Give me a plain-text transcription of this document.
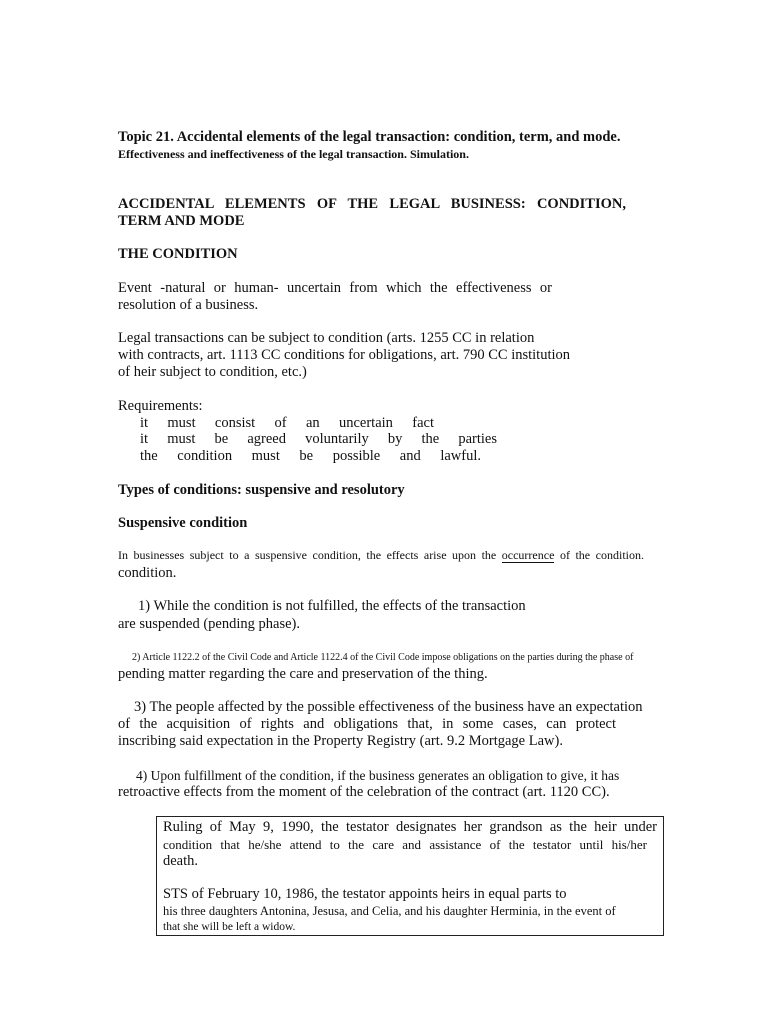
Topic 21. Accidental elements of the legal transaction: condition, term, and mode.
Effectiveness and ineffectiveness of the legal transaction. Simulation.
ACCIDENTAL ELEMENTS OF THE LEGAL BUSINESS: CONDITION,
TERM AND MODE
THE CONDITION
Event -natural or human- uncertain from which the effectiveness or
resolution of a business.
Legal transactions can be subject to condition (arts. 1255 CC in relation
with contracts, art. 1113 CC conditions for obligations, art. 790 CC institution
of heir subject to condition, etc.)
Requirements:
it must consist of an uncertain fact
it must be agreed voluntarily by the parties
the condition must be possible and lawful.
Types of conditions: suspensive and resolutory
Suspensive condition
In businesses subject to a suspensive condition, the effects arise upon the occurrence of the condition.
condition.
1) While the condition is not fulfilled, the effects of the transaction
are suspended (pending phase).
2) Article 1122.2 of the Civil Code and Article 1122.4 of the Civil Code impose obligations on the parties during the phase of
pending matter regarding the care and preservation of the thing.
3) The people affected by the possible effectiveness of the business have an expectation
of the acquisition of rights and obligations that, in some cases, can protect
inscribing said expectation in the Property Registry (art. 9.2 Mortgage Law).
4) Upon fulfillment of the condition, if the business generates an obligation to give, it has
retroactive effects from the moment of the celebration of the contract (art. 1120 CC).
Ruling of May 9, 1990, the testator designates her grandson as the heir under
condition that he/she attend to the care and assistance of the testator until his/her
death.
STS of February 10, 1986, the testator appoints heirs in equal parts to
his three daughters Antonina, Jesusa, and Celia, and his daughter Herminia, in the event of
that she will be left a widow.
